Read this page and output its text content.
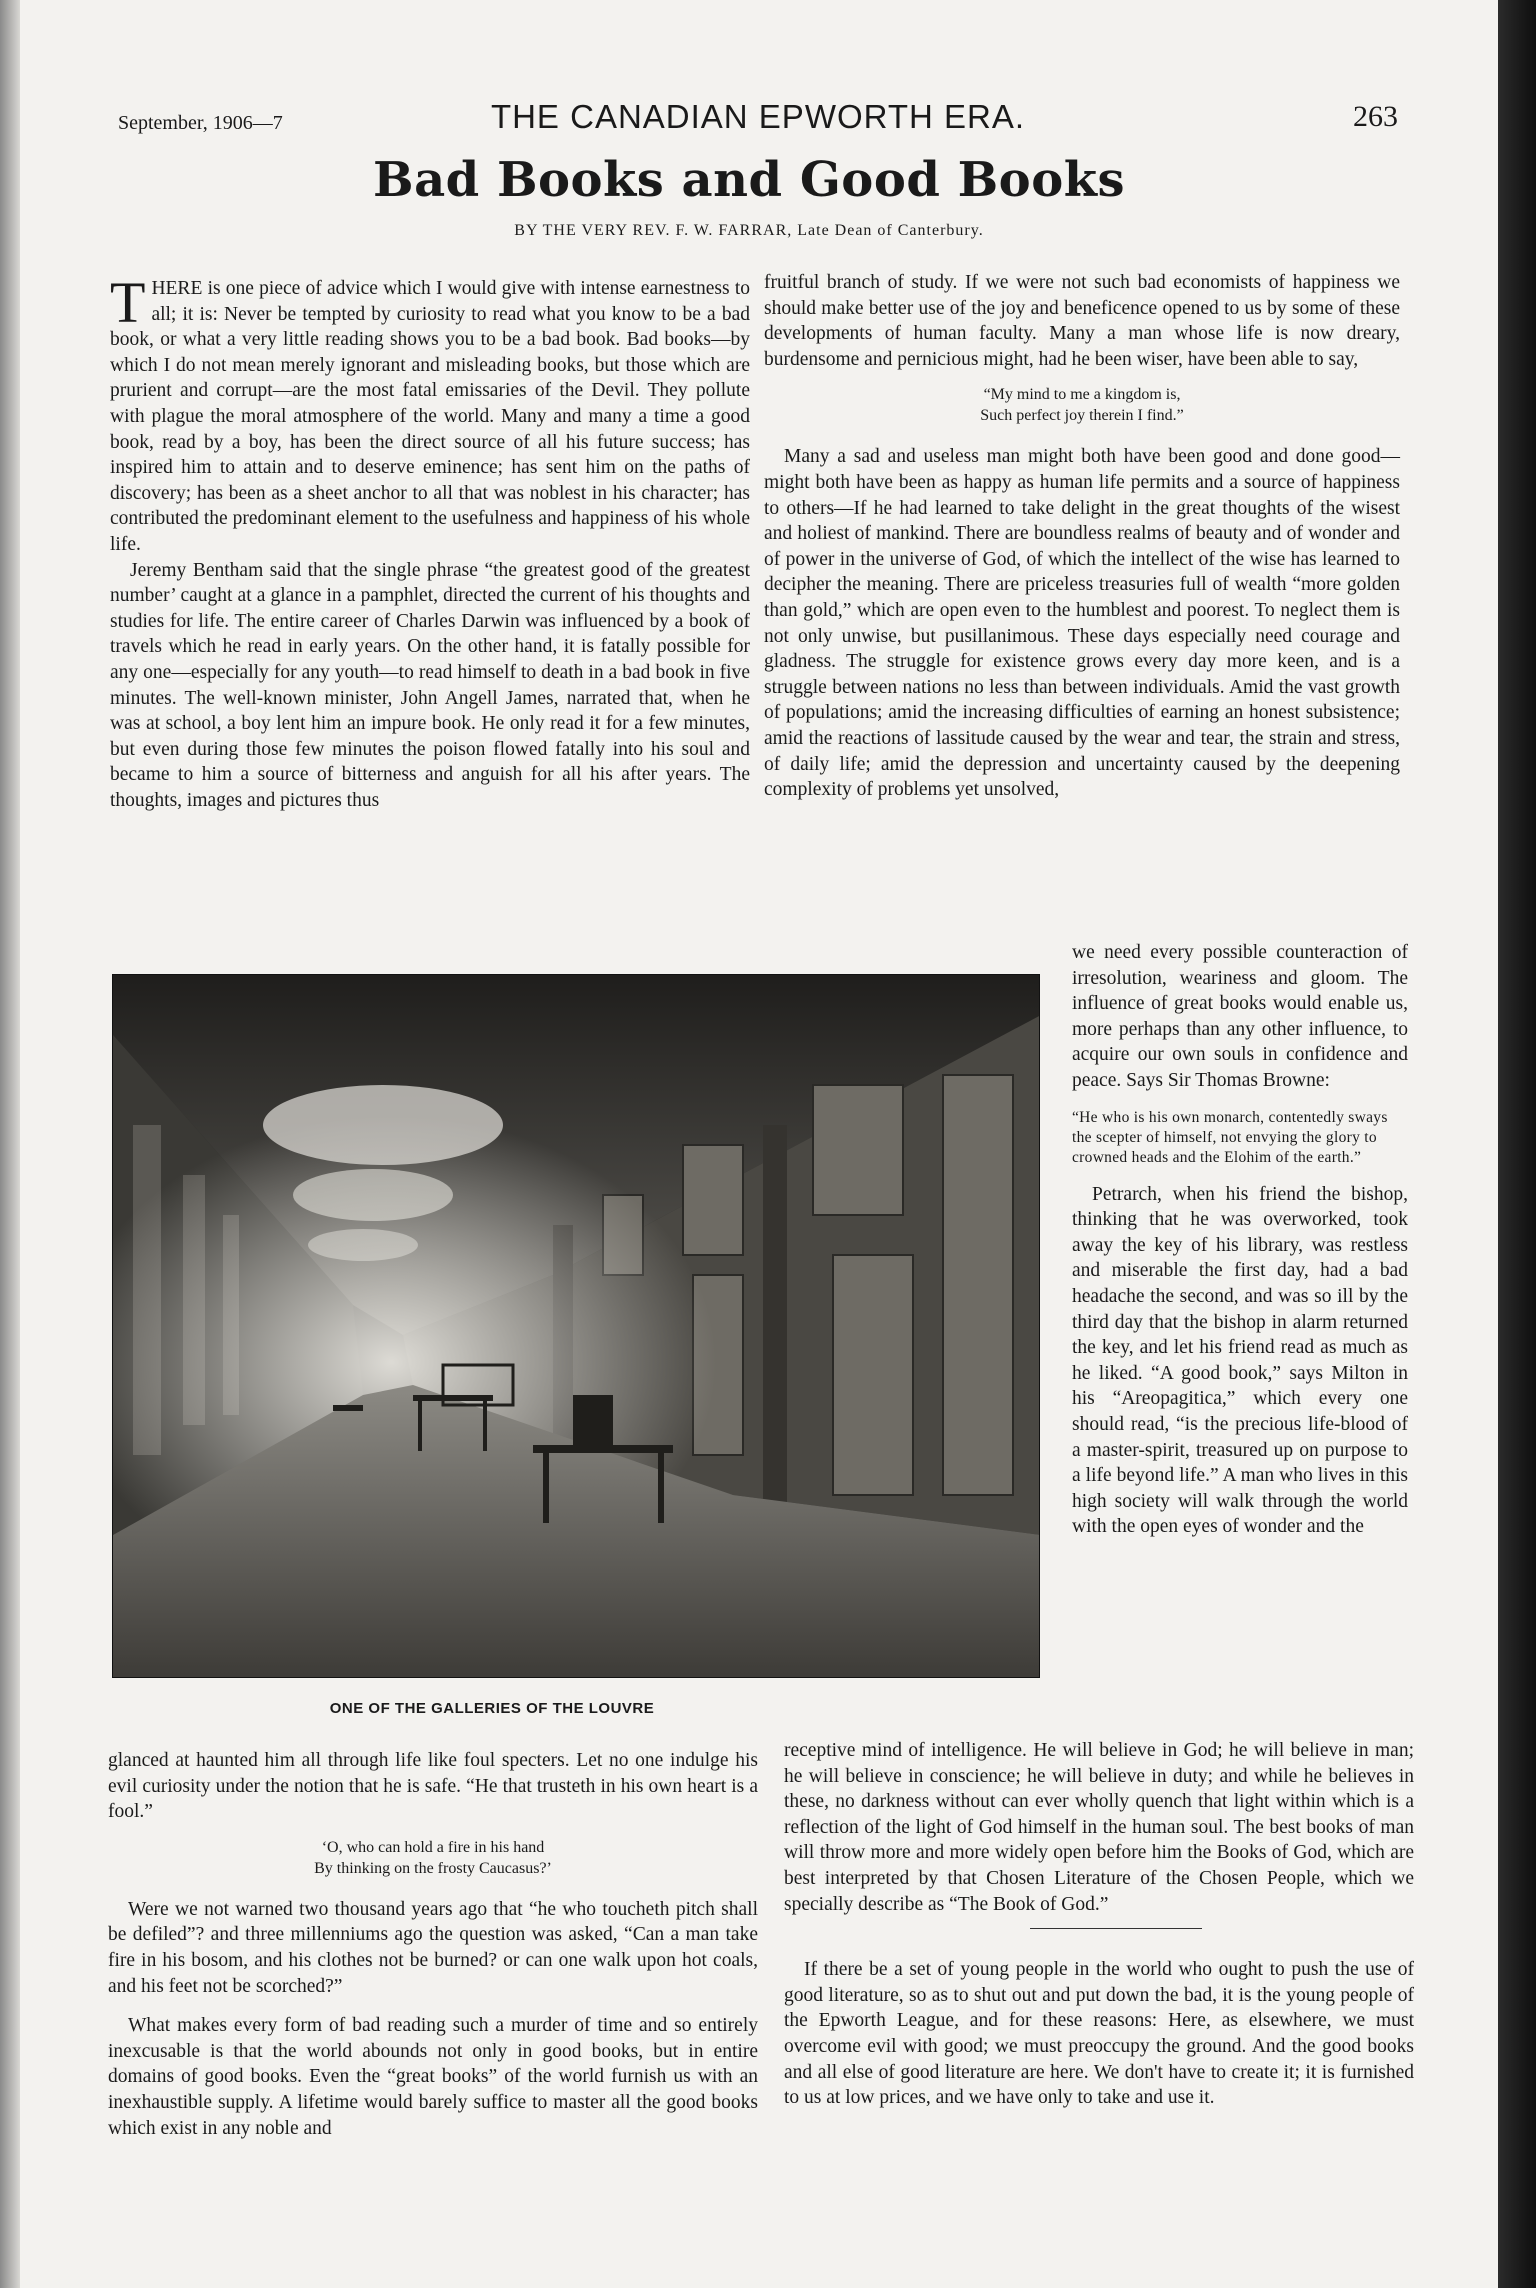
September, 1906—7	THE CANADIAN EPWORTH ERA.	263
Bad Books and Good Books
BY THE VERY REV. F. W. FARRAR, Late Dean of Canterbury.

THERE is one piece of advice which I would give with intense earnestness to all; it is: Never be tempted by curiosity to read what you know to be a bad book, or what a very little reading shows you to be a bad book. Bad books—by which I do not mean merely ignorant and misleading books, but those which are prurient and corrupt—are the most fatal emissaries of the Devil. They pollute with plague the moral atmosphere of the world. Many and many a time a good book, read by a boy, has been the direct source of all his future success; has inspired him to attain and to deserve eminence; has sent him on the paths of discovery; has been as a sheet anchor to all that was noblest in his character; has contributed the predominant element to the usefulness and happiness of his whole life.

Jeremy Bentham said that the single phrase “the greatest good of the greatest number’ caught at a glance in a pamphlet, directed the current of his thoughts and studies for life. The entire career of Charles Darwin was influenced by a book of travels which he read in early years. On the other hand, it is fatally possible for any one—especially for any youth—to read himself to death in a bad book in five minutes. The well-known minister, John Angell James, narrated that, when he was at school, a boy lent him an impure book. He only read it for a few minutes, but even during those few minutes the poison flowed fatally into his soul and became to him a source of bitterness and anguish for all his after years. The thoughts, images and pictures thus

fruitful branch of study. If we were not such bad economists of happiness we should make better use of the joy and beneficence opened to us by some of these developments of human faculty. Many a man whose life is now dreary, burdensome and pernicious might, had he been wiser, have been able to say,

“My mind to me a kingdom is,
Such perfect joy therein I find.”

Many a sad and useless man might both have been good and done good—might both have been as happy as human life permits and a source of happiness to others—If he had learned to take delight in the great thoughts of the wisest and holiest of mankind. There are boundless realms of beauty and of wonder and of power in the universe of God, of which the intellect of the wise has learned to decipher the meaning. There are priceless treasuries full of wealth “more golden than gold,” which are open even to the humblest and poorest. To neglect them is not only unwise, but pusillanimous. These days especially need courage and gladness. The struggle for existence grows every day more keen, and is a struggle between nations no less than between individuals. Amid the vast growth of populations; amid the increasing difficulties of earning an honest subsistence; amid the reactions of lassitude caused by the wear and tear, the strain and stress, of daily life; amid the depression and uncertainty caused by the deepening complexity of problems yet unsolved,

ONE OF THE GALLERIES OF THE LOUVRE

we need every possible counteraction of irresolution, weariness and gloom. The influence of great books would enable us, more perhaps than any other influence, to acquire our own souls in confidence and peace. Says Sir Thomas Browne:

“He who is his own monarch, contentedly sways the scepter of himself, not envying the glory to crowned heads and the Elohim of the earth.”

Petrarch, when his friend the bishop, thinking that he was overworked, took away the key of his library, was restless and miserable the first day, had a bad headache the second, and was so ill by the third day that the bishop in alarm returned the key, and let his friend read as much as he liked. “A good book,” says Milton in his “Areopagitica,” which every one should read, “is the precious life-blood of a master-spirit, treasured up on purpose to a life beyond life.” A man who lives in this high society will walk through the world with the open eyes of wonder and the

glanced at haunted him all through life like foul specters. Let no one indulge his evil curiosity under the notion that he is safe. “He that trusteth in his own heart is a fool.”

‘O, who can hold a fire in his hand
By thinking on the frosty Caucasus?’

Were we not warned two thousand years ago that “he who toucheth pitch shall be defiled”? and three millenniums ago the question was asked, “Can a man take fire in his bosom, and his clothes not be burned? or can one walk upon hot coals, and his feet not be scorched?”

What makes every form of bad reading such a murder of time and so entirely inexcusable is that the world abounds not only in good books, but in entire domains of good books. Even the “great books” of the world furnish us with an inexhaustible supply. A lifetime would barely suffice to master all the good books which exist in any noble and

receptive mind of intelligence. He will believe in God; he will believe in man; he will believe in conscience; he will believe in duty; and while he believes in these, no darkness without can ever wholly quench that light within which is a reflection of the light of God himself in the human soul. The best books of man will throw more and more widely open before him the Books of God, which are best interpreted by that Chosen Literature of the Chosen People, which we specially describe as “The Book of God.”

If there be a set of young people in the world who ought to push the use of good literature, so as to shut out and put down the bad, it is the young people of the Epworth League, and for these reasons: Here, as elsewhere, we must overcome evil with good; we must preoccupy the ground. And the good books and all else of good literature are here. We don't have to create it; it is furnished to us at low prices, and we have only to take and use it.
